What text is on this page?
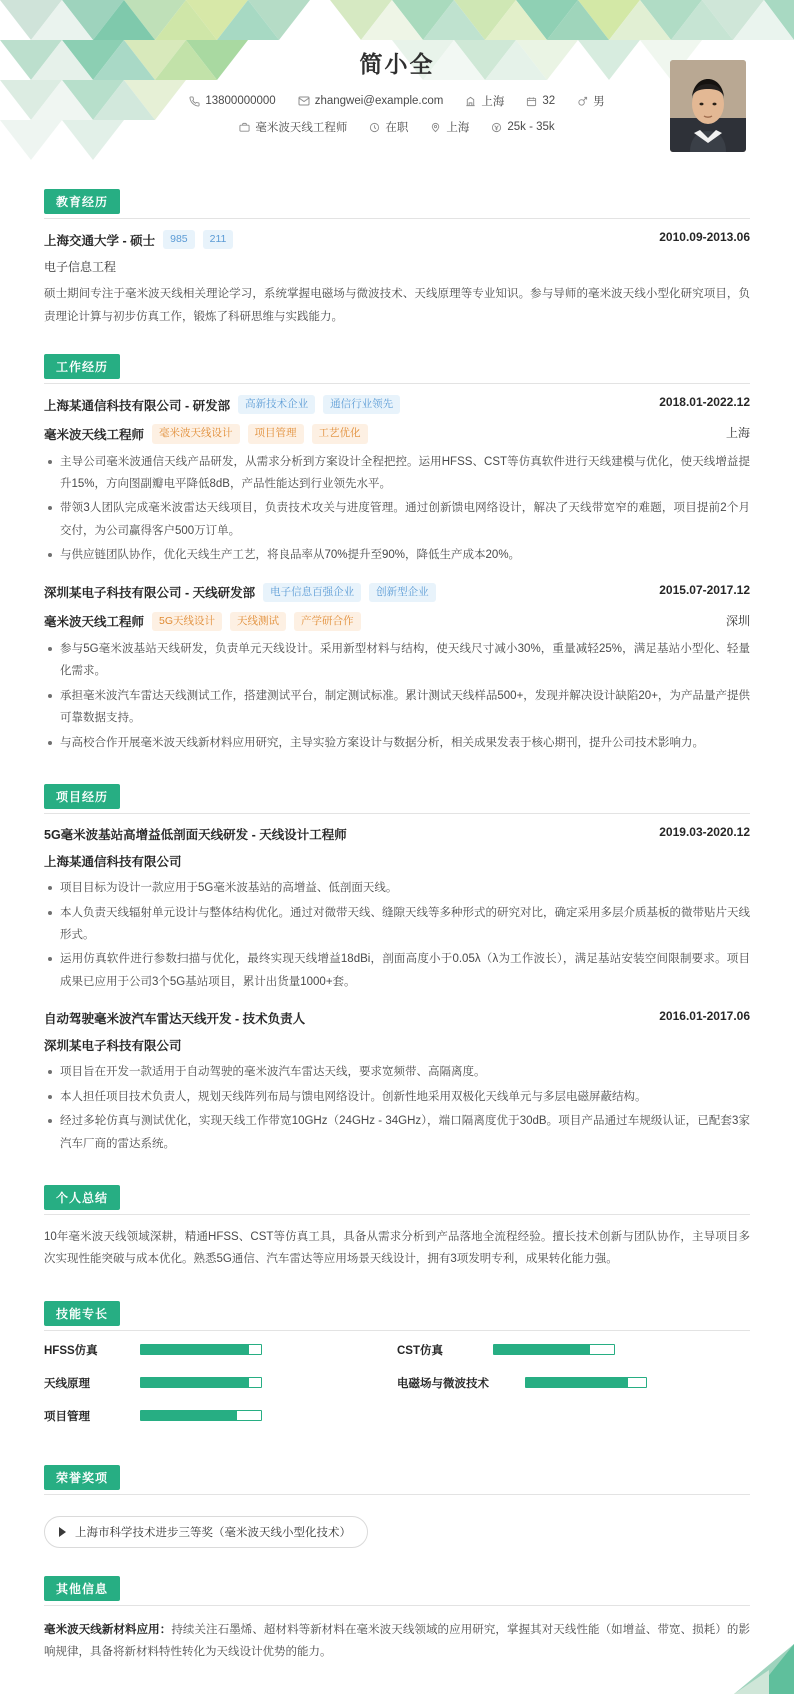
简小全
13800000000	zhangwei@example.com	上海	32	男
毫米波天线工程师	在职	上海	25k - 35k
教育经历
上海交通大学 - 硕士	985	211	2010.09-2013.06
电子信息工程
硕士期间专注于毫米波天线相关理论学习，系统掌握电磁场与微波技术、天线原理等专业知识。参与导师的毫米波天线小型化研究项目，负责理论计算与初步仿真工作，锻炼了科研思维与实践能力。
工作经历
上海某通信科技有限公司 - 研发部	高新技术企业	通信行业领先	2018.01-2022.12
毫米波天线工程师	毫米波天线设计	项目管理	工艺优化	上海
主导公司毫米波通信天线产品研发，从需求分析到方案设计全程把控。运用HFSS、CST等仿真软件进行天线建模与优化，使天线增益提升15%，方向图副瓣电平降低8dB，产品性能达到行业领先水平。
带领3人团队完成毫米波雷达天线项目，负责技术攻关与进度管理。通过创新馈电网络设计，解决了天线带宽窄的难题，项目提前2个月交付，为公司赢得客户500万订单。
与供应链团队协作，优化天线生产工艺，将良品率从70%提升至90%，降低生产成本20%。
深圳某电子科技有限公司 - 天线研发部	电子信息百强企业	创新型企业	2015.07-2017.12
毫米波天线工程师	5G天线设计	天线测试	产学研合作	深圳
参与5G毫米波基站天线研发，负责单元天线设计。采用新型材料与结构，使天线尺寸减小30%，重量减轻25%，满足基站小型化、轻量化需求。
承担毫米波汽车雷达天线测试工作，搭建测试平台，制定测试标准。累计测试天线样品500+，发现并解决设计缺陷20+，为产品量产提供可靠数据支持。
与高校合作开展毫米波天线新材料应用研究，主导实验方案设计与数据分析，相关成果发表于核心期刊，提升公司技术影响力。
项目经历
5G毫米波基站高增益低剖面天线研发 - 天线设计工程师	2019.03-2020.12
上海某通信科技有限公司
项目目标为设计一款应用于5G毫米波基站的高增益、低剖面天线。
本人负责天线辐射单元设计与整体结构优化。通过对微带天线、缝隙天线等多种形式的研究对比，确定采用多层介质基板的微带贴片天线形式。
运用仿真软件进行参数扫描与优化，最终实现天线增益18dBi，剖面高度小于0.05λ（λ为工作波长），满足基站安装空间限制要求。项目成果已应用于公司3个5G基站项目，累计出货量1000+套。
自动驾驶毫米波汽车雷达天线开发 - 技术负责人	2016.01-2017.06
深圳某电子科技有限公司
项目旨在开发一款适用于自动驾驶的毫米波汽车雷达天线，要求宽频带、高隔离度。
本人担任项目技术负责人，规划天线阵列布局与馈电网络设计。创新性地采用双极化天线单元与多层电磁屏蔽结构。
经过多轮仿真与测试优化，实现天线工作带宽10GHz（24GHz - 34GHz），端口隔离度优于30dB。项目产品通过车规级认证，已配套3家汽车厂商的雷达系统。
个人总结
10年毫米波天线领域深耕，精通HFSS、CST等仿真工具，具备从需求分析到产品落地全流程经验。擅长技术创新与团队协作，主导项目多次实现性能突破与成本优化。熟悉5G通信、汽车雷达等应用场景天线设计，拥有3项发明专利，成果转化能力强。
技能专长
HFSS仿真	CST仿真
天线原理	电磁场与微波技术
项目管理
荣誉奖项
上海市科学技术进步三等奖（毫米波天线小型化技术）
其他信息
毫米波天线新材料应用：持续关注石墨烯、超材料等新材料在毫米波天线领域的应用研究，掌握其对天线性能（如增益、带宽、损耗）的影响规律，具备将新材料特性转化为天线设计优势的能力。
